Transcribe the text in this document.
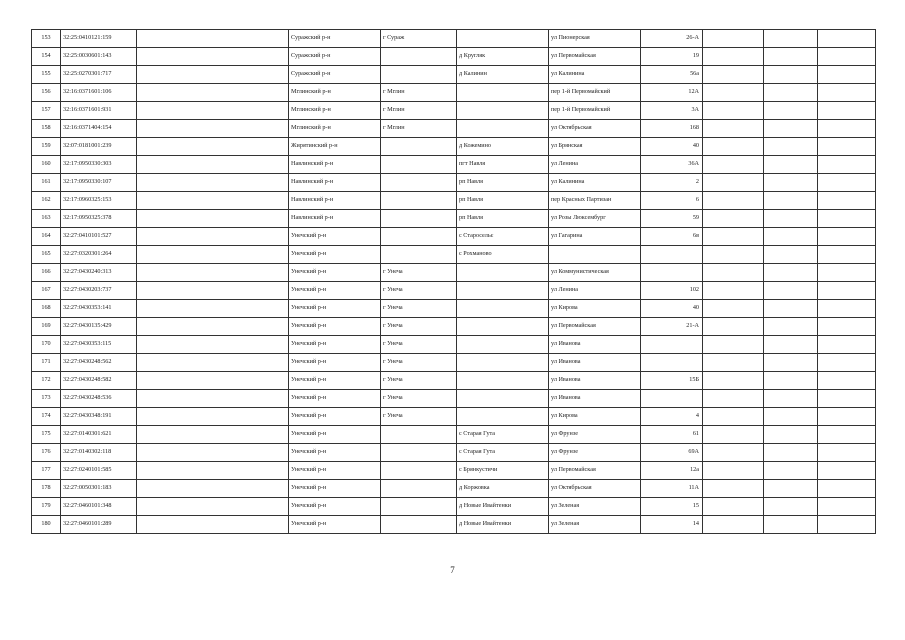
153	32:25:0410121:159		Суражский р-н	г Сураж		ул Пионерская	26-А			
154	32:25:0030601:143		Суражский р-н		д Кругляк	ул Первомайская	19			
155	32:25:0270301:717		Суражский р-н		д Калинин	ул Калинина	56а			
156	32:16:0371601:106		Мглинский р-н	г Мглин		пер 1-й Первомайский	12А			
157	32:16:0371601:931		Мглинский р-н	г Мглин		пер 1-й Первомайский	3А			
158	32:16:0371404:154		Мглинский р-н	г Мглин		ул Октябрьская	168			
159	32:07:0181001:239		Жирятинский р-н		д Кожемино	ул Брянская	40			
160	32:17:0950330:303		Навлинский р-н		пгт Навля	ул Ленина	36А			
161	32:17:0950330:107		Навлинский р-н		рп Навля	ул Калинина	2			
162	32:17:0960325:153		Навлинский р-н		рп Навля	пер Красных Партизан	6			
163	32:17:0950325:378		Навлинский р-н		рп Навля	ул Розы Люксембург	59			
164	32:27:0410101:527		Унечский р-н		с Старосельє	ул Гагарина	6в			
165	32:27:0320301:264		Унечский р-н		с Рохманово					
166	32:27:0430240:313		Унечский р-н	г Унеча		ул Коммунистическая				
167	32:27:0430203:737		Унечский р-н	г Унеча		ул Ленина	102			
168	32:27:0430353:141		Унечский р-н	г Унеча		ул Кирова	40			
169	32:27:0430135:429		Унечский р-н	г Унеча		ул Первомайская	21-А			
170	32:27:0430353:115		Унечский р-н	г Унеча		ул Иванова				
171	32:27:0430248:562		Унечский р-н	г Унеча		ул Иванова				
172	32:27:0430248:582		Унечский р-н	г Унеча		ул Иванова	15Б			
173	32:27:0430248:536		Унечский р-н	г Унеча		ул Иванова				
174	32:27:0430348:191		Унечский р-н	г Унеча		ул Кирова	4			
175	32:27:0140301:621		Унечский р-н		с Старая Гута	ул Фрунзе	61			
176	32:27:0140302:118		Унечский р-н		с Старая Гута	ул Фрунзе	69А			
177	32:27:0240101:585		Унечский р-н		с Брянкустичи	ул Первомайская	12а			
178	32:27:0050301:183		Унечский р-н		д Коржовка	ул Октябрьская	11А			
179	32:27:0460101:348		Унечский р-н		д Новые Ивайтенки	ул Зеленая	15			
180	32:27:0460101:289		Унечский р-н		д Новые Ивайтенки	ул Зеленая	14			
7
